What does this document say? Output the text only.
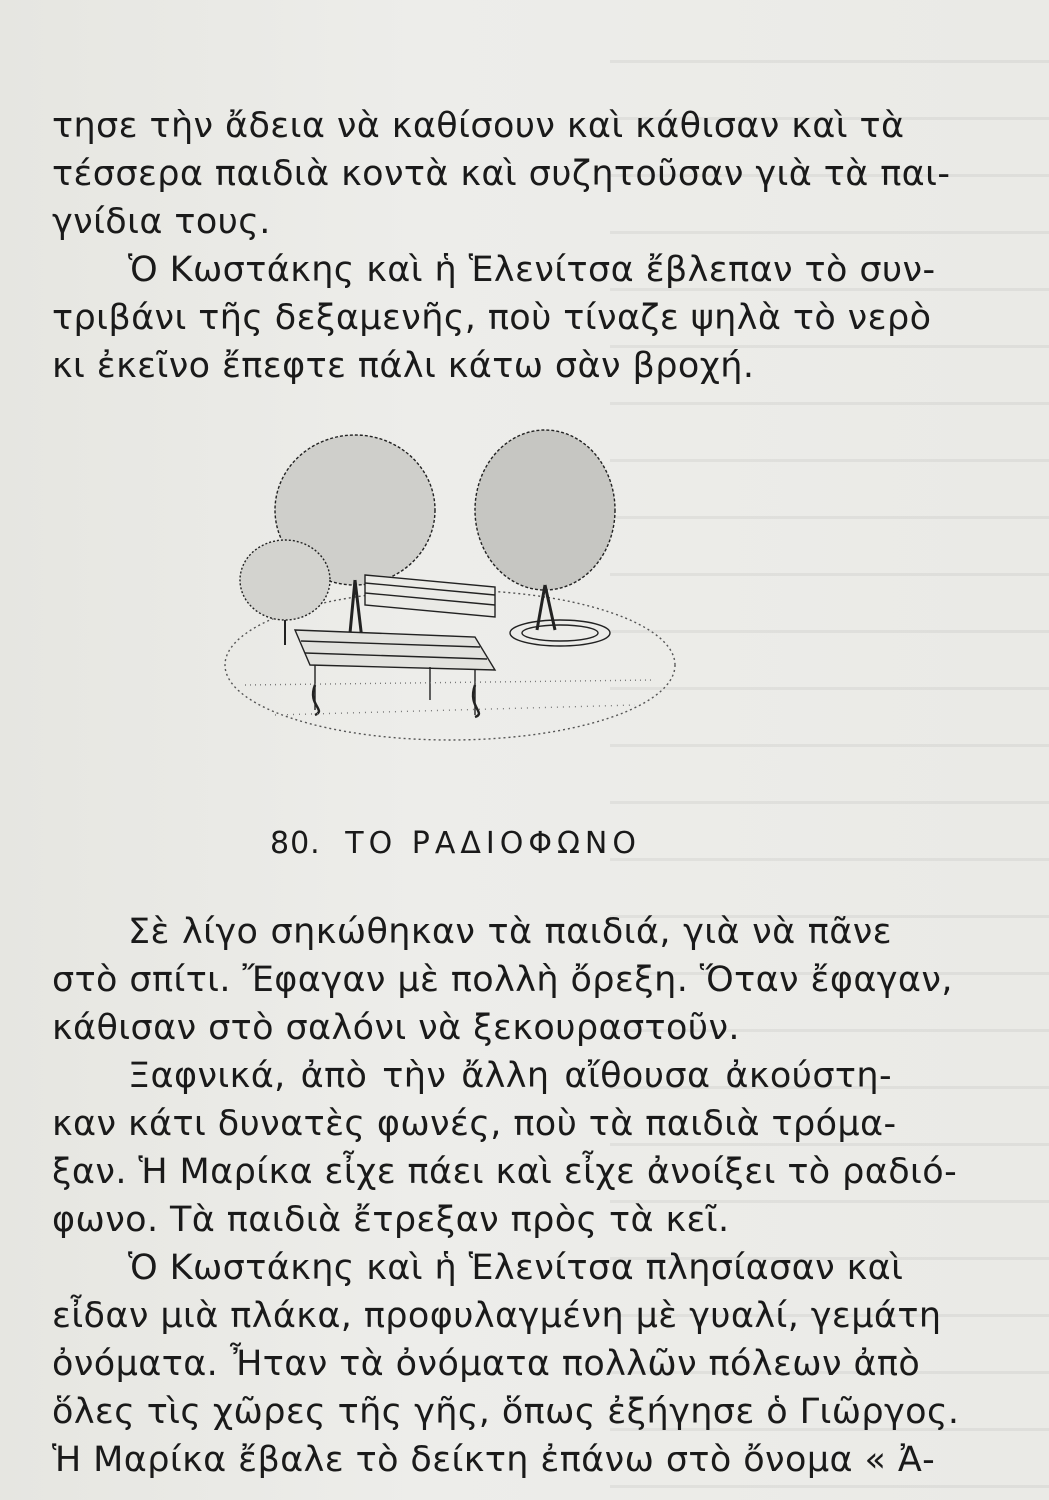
τησε τὴν ἄδεια νὰ καθίσουν καὶ κάθισαν καὶ τὰ
τέσσερα παιδιὰ κοντὰ καὶ συζητοῦσαν γιὰ τὰ παι-
γνίδια τους.
Ὁ Κωστάκης καὶ ἡ Ἑλενίτσα ἔβλεπαν τὸ συν-
τριβάνι τῆς δεξαμενῆς, ποὺ τίναζε ψηλὰ τὸ νερὸ
κι ἐκεῖνο ἔπεφτε πάλι κάτω σὰν βροχή.
80. ΤΟ ΡΑΔΙΟΦΩΝΟ
Σὲ λίγο σηκώθηκαν τὰ παιδιά, γιὰ νὰ πᾶνε
στὸ σπίτι. Ἔφαγαν μὲ πολλὴ ὄρεξη. Ὅταν ἔφαγαν,
κάθισαν στὸ σαλόνι νὰ ξεκουραστοῦν.
Ξαφνικά, ἀπὸ τὴν ἄλλη αἴθουσα ἀκούστη-
καν κάτι δυνατὲς φωνές, ποὺ τὰ παιδιὰ τρόμα-
ξαν. Ἡ Μαρίκα εἶχε πάει καὶ εἶχε ἀνοίξει τὸ ραδιό-
φωνο. Τὰ παιδιὰ ἔτρεξαν πρὸς τὰ κεῖ.
Ὁ Κωστάκης καὶ ἡ Ἑλενίτσα πλησίασαν καὶ
εἶδαν μιὰ πλάκα, προφυλαγμένη μὲ γυαλί, γεμάτη
ὀνόματα. Ἦταν τὰ ὀνόματα πολλῶν πόλεων ἀπὸ
ὅλες τὶς χῶρες τῆς γῆς, ὅπως ἐξήγησε ὁ Γιῶργος.
Ἡ Μαρίκα ἔβαλε τὸ δείκτη ἐπάνω στὸ ὄνομα « Ἀ-
